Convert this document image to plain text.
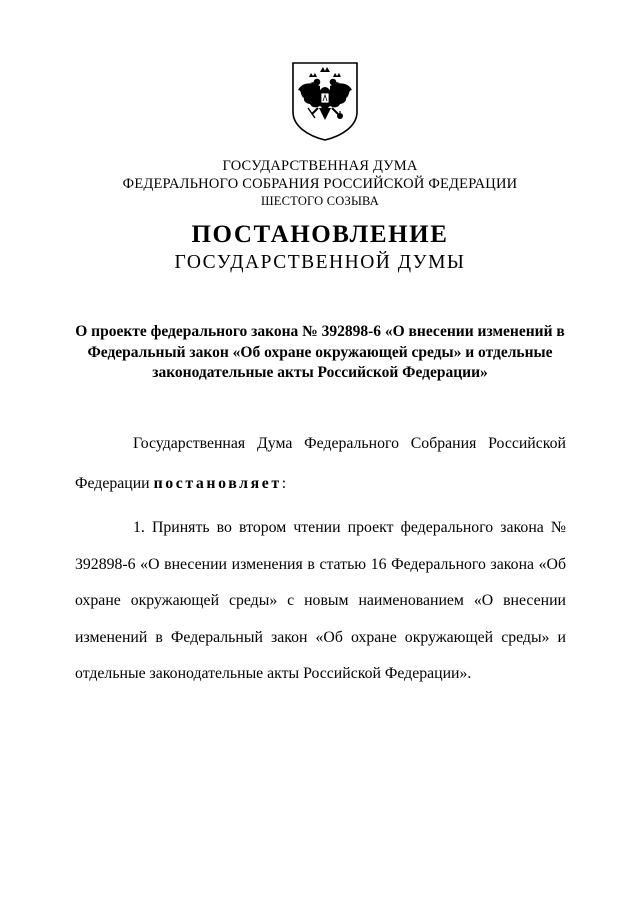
ГОСУДАРСТВЕННАЯ ДУМА
ФЕДЕРАЛЬНОГО СОБРАНИЯ РОССИЙСКОЙ ФЕДЕРАЦИИ
ШЕСТОГО СОЗЫВА
ПОСТАНОВЛЕНИЕ
ГОСУДАРСТВЕННОЙ ДУМЫ
О проекте федерального закона № 392898-6 «О внесении изменений в Федеральный закон «Об охране окружающей среды» и отдельные законодательные акты Российской Федерации»
Государственная Дума Федерального Собрания Российской Федерации постановляет:
1. Принять во втором чтении проект федерального закона № 392898-6 «О внесении изменения в статью 16 Федерального закона «Об охране окружающей среды» с новым наименованием «О внесении изменений в Федеральный закон «Об охране окружающей среды» и отдельные законодательные акты Российской Федерации».
